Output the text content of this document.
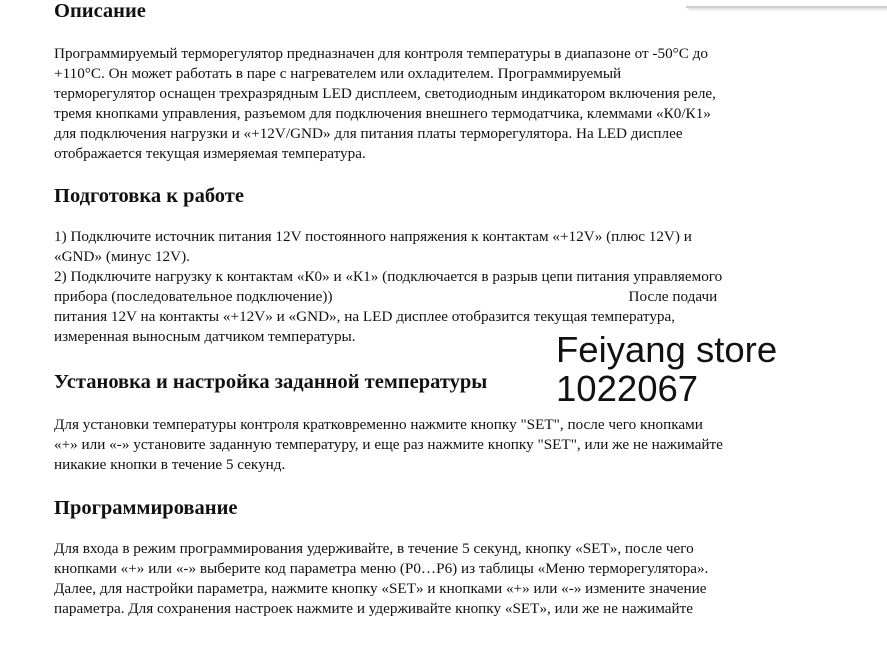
Описание
Программируемый терморегулятор предназначен для контроля температуры в диапазоне от -50°С до
+110°С. Он может работать в паре с нагревателем или охладителем. Программируемый
терморегулятор оснащен трехразрядным LED дисплеем, светодиодным индикатором включения реле,
тремя кнопками управления, разъемом для подключения внешнего термодатчика, клеммами «К0/К1»
для подключения нагрузки и «+12V/GND» для питания платы терморегулятора. На LED дисплее
отображается текущая измеряемая температура.
Подготовка к работе
1) Подключите источник питания 12V постоянного напряжения к контактам «+12V» (плюс 12V) и
«GND» (минус 12V).
2) Подключите нагрузку к контактам «К0» и «К1» (подключается в разрыв цепи питания управляемого
прибора (последовательное подключение))	После подачи
питания 12V на контакты «+12V» и «GND», на LED дисплее отобразится текущая температура,
измеренная выносным датчиком температуры.
Установка и настройка заданной температуры
Для установки температуры контроля кратковременно нажмите кнопку "SET", после чего кнопками
«+» или «-» установите заданную температуру, и еще раз нажмите кнопку "SET", или же не нажимайте
никакие кнопки в течение 5 секунд.
Программирование
Для входа в режим программирования удерживайте, в течение 5 секунд, кнопку «SET», после чего
кнопками «+» или «-» выберите код параметра меню (Р0…Р6) из таблицы «Меню терморегулятора».
Далее, для настройки параметра, нажмите кнопку «SET» и кнопками «+» или «-» измените значение
параметра. Для сохранения настроек нажмите и удерживайте кнопку «SET», или же не нажимайте
Feiyang store
1022067
